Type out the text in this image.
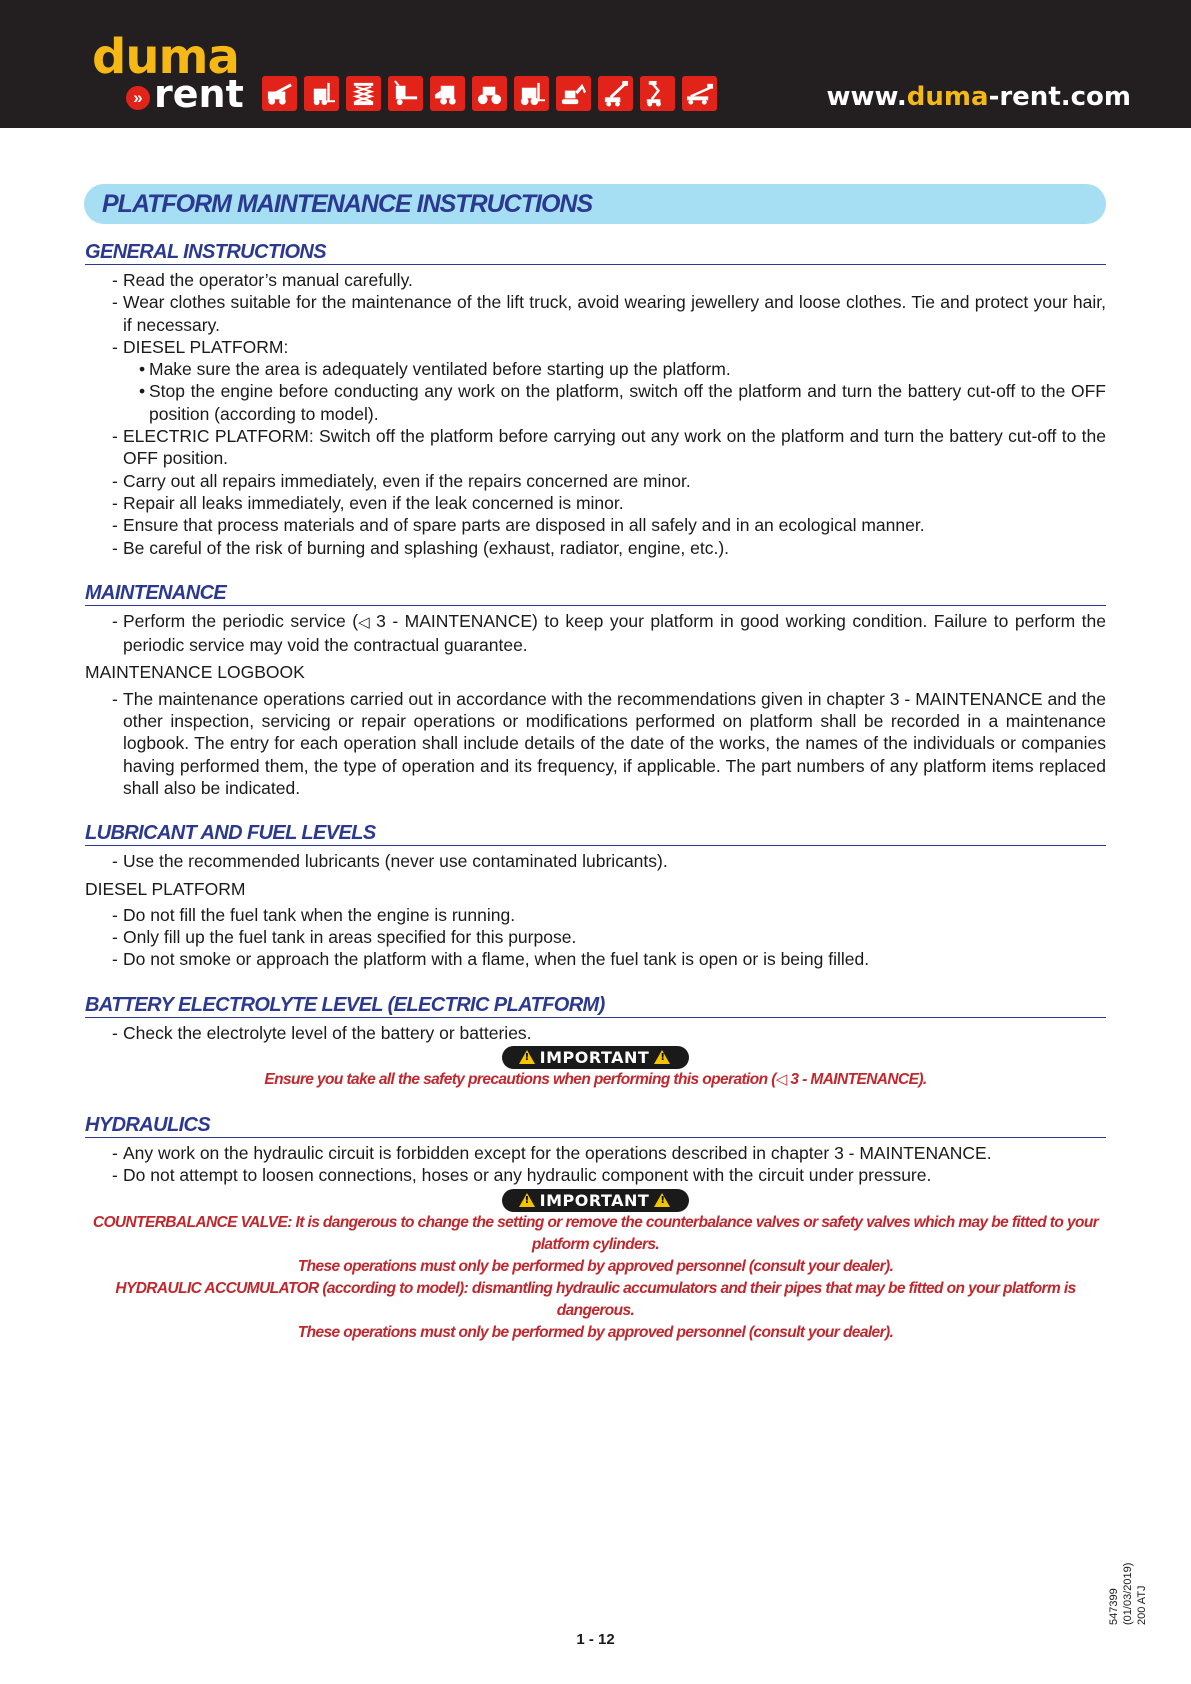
duma
» rent	www.duma-rent.com
PLATFORM MAINTENANCE INSTRUCTIONS
GENERAL INSTRUCTIONS
- Read the operator’s manual carefully.
- Wear clothes suitable for the maintenance of the lift truck, avoid wearing jewellery and loose clothes. Tie and protect your hair, if necessary.
- DIESEL PLATFORM:
• Make sure the area is adequately ventilated before starting up the platform.
• Stop the engine before conducting any work on the platform, switch off the platform and turn the battery cut-off to the OFF position (according to model).
- ELECTRIC PLATFORM: Switch off the platform before carrying out any work on the platform and turn the battery cut-off to the OFF position.
- Carry out all repairs immediately, even if the repairs concerned are minor.
- Repair all leaks immediately, even if the leak concerned is minor.
- Ensure that process materials and of spare parts are disposed in all safely and in an ecological manner.
- Be careful of the risk of burning and splashing (exhaust, radiator, engine, etc.).
MAINTENANCE
- Perform the periodic service (◁ 3 - MAINTENANCE) to keep your platform in good working condition. Failure to perform the periodic service may void the contractual guarantee.
MAINTENANCE LOGBOOK
- The maintenance operations carried out in accordance with the recommendations given in chapter 3 - MAINTENANCE and the other inspection, servicing or repair operations or modifications performed on platform shall be recorded in a maintenance logbook. The entry for each operation shall include details of the date of the works, the names of the individuals or companies having performed them, the type of operation and its frequency, if applicable. The part numbers of any platform items replaced shall also be indicated.
LUBRICANT AND FUEL LEVELS
- Use the recommended lubricants (never use contaminated lubricants).
DIESEL PLATFORM
- Do not fill the fuel tank when the engine is running.
- Only fill up the fuel tank in areas specified for this purpose.
- Do not smoke or approach the platform with a flame, when the fuel tank is open or is being filled.
BATTERY ELECTROLYTE LEVEL (ELECTRIC PLATFORM)
- Check the electrolyte level of the battery or batteries.
!IMPORTANT!
Ensure you take all the safety precautions when performing this operation (◁ 3 - MAINTENANCE).
HYDRAULICS
- Any work on the hydraulic circuit is forbidden except for the operations described in chapter 3 - MAINTENANCE.
- Do not attempt to loosen connections, hoses or any hydraulic component with the circuit under pressure.
!IMPORTANT!
COUNTERBALANCE VALVE: It is dangerous to change the setting or remove the counterbalance valves or safety valves which may be fitted to your platform cylinders.
These operations must only be performed by approved personnel (consult your dealer).
HYDRAULIC ACCUMULATOR (according to model): dismantling hydraulic accumulators and their pipes that may be fitted on your platform is dangerous.
These operations must only be performed by approved personnel (consult your dealer).
547399 (01/03/2019) 200 ATJ
1 - 12
